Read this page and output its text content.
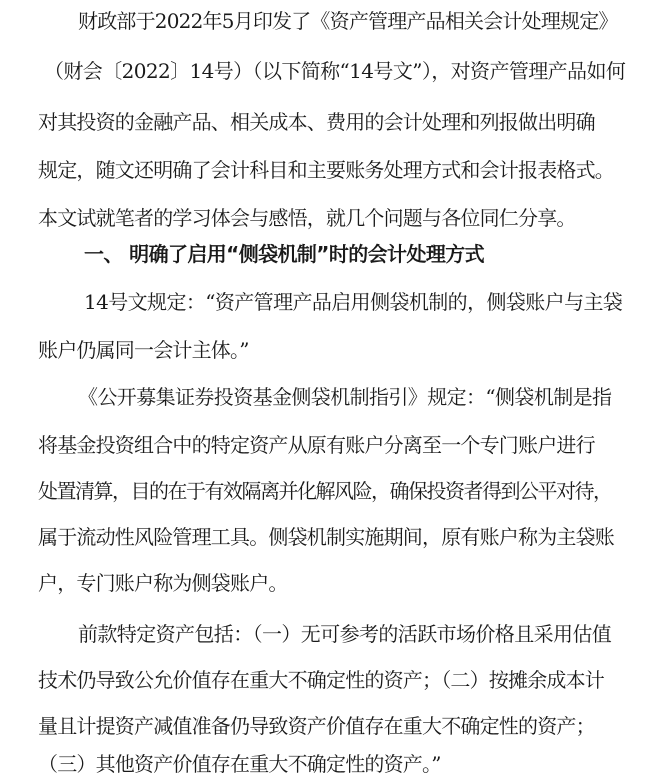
财政部于2022年5月印发了《资产管理产品相关会计处理规定》
（财会〔2022〕14号）（以下简称“14号文”），对资产管理产品如何
对其投资的金融产品、相关成本、费用的会计处理和列报做出明确
规定，随文还明确了会计科目和主要账务处理方式和会计报表格式。
本文试就笔者的学习体会与感悟，就几个问题与各位同仁分享。
一、 明确了启用“侧袋机制”时的会计处理方式
14号文规定：“资产管理产品启用侧袋机制的，侧袋账户与主袋
账户仍属同一会计主体。”
《公开募集证券投资基金侧袋机制指引》规定：“侧袋机制是指
将基金投资组合中的特定资产从原有账户分离至一个专门账户进行
处置清算，目的在于有效隔离并化解风险，确保投资者得到公平对待，
属于流动性风险管理工具。侧袋机制实施期间，原有账户称为主袋账
户，专门账户称为侧袋账户。
前款特定资产包括：（一）无可参考的活跃市场价格且采用估值
技术仍导致公允价值存在重大不确定性的资产；（二）按摊余成本计
量且计提资产减值准备仍导致资产价值存在重大不确定性的资产；
（三）其他资产价值存在重大不确定性的资产。”
